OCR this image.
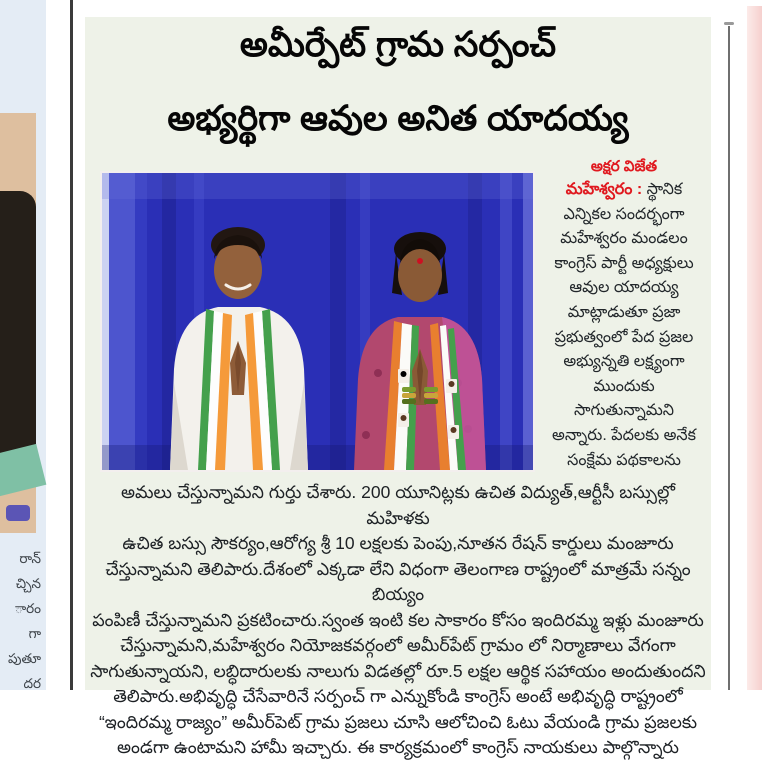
రాన్
చ్చిన
ారం
గా
పుతూ
దర
అమీర్పేట్ గ్రామ సర్పంచ్
అభ్యర్థిగా ఆవుల అనిత యాదయ్య
అక్షర విజేత
మహేశ్వరం : స్థానిక
ఎన్నికల సందర్భంగా
మహేశ్వరం మండలం
కాంగ్రెస్ పార్టీ అధ్యక్షులు
ఆవుల యాదయ్య
మాట్లాడుతూ ప్రజా
ప్రభుత్వంలో పేద ప్రజల
అభ్యున్నతి లక్ష్యంగా
ముందుకు
సాగుతున్నామని
అన్నారు. పేదలకు అనేక
సంక్షేమ పథకాలను
అమలు చేస్తున్నామని గుర్తు చేశారు. 200 యూనిట్లకు ఉచిత విద్యుత్,ఆర్టీసీ బస్సుల్లో మహిళకు
ఉచిత బస్సు సౌకర్యం,ఆరోగ్య శ్రీ 10 లక్షలకు పెంపు,నూతన రేషన్ కార్డులు మంజూరు
చేస్తున్నామని తెలిపారు.దేశంలో ఎక్కడా లేని విధంగా తెలంగాణ రాష్ట్రంలో మాత్రమే సన్నం బియ్యం
పంపిణీ చేస్తున్నామని ప్రకటించారు.స్వంత ఇంటి కల సాకారం కోసం ఇందిరమ్మ ఇళ్లు మంజూరు
చేస్తున్నామని,మహేశ్వరం నియోజకవర్గంలో అమీర్‌పేట్ గ్రామం లో నిర్మాణాలు వేగంగా
సాగుతున్నాయని, లబ్ధిదారులకు నాలుగు విడతల్లో రూ.5 లక్షల ఆర్థిక సహాయం అందుతుందని
తెలిపారు.అభివృద్ధి చేసేవారినే సర్పంచ్ గా ఎన్నుకోండి కాంగ్రెస్ అంటే అభివృద్ధి రాష్ట్రంలో
“ఇందిరమ్మ రాజ్యం” అమీర్‌పెట్ గ్రామ ప్రజలు చూసి ఆలోచించి ఓటు వేయండి గ్రామ ప్రజలకు
అండగా ఉంటామని హామీ ఇచ్చారు. ఈ కార్యక్రమంలో కాంగ్రెస్ నాయకులు పాల్గొన్నారు
